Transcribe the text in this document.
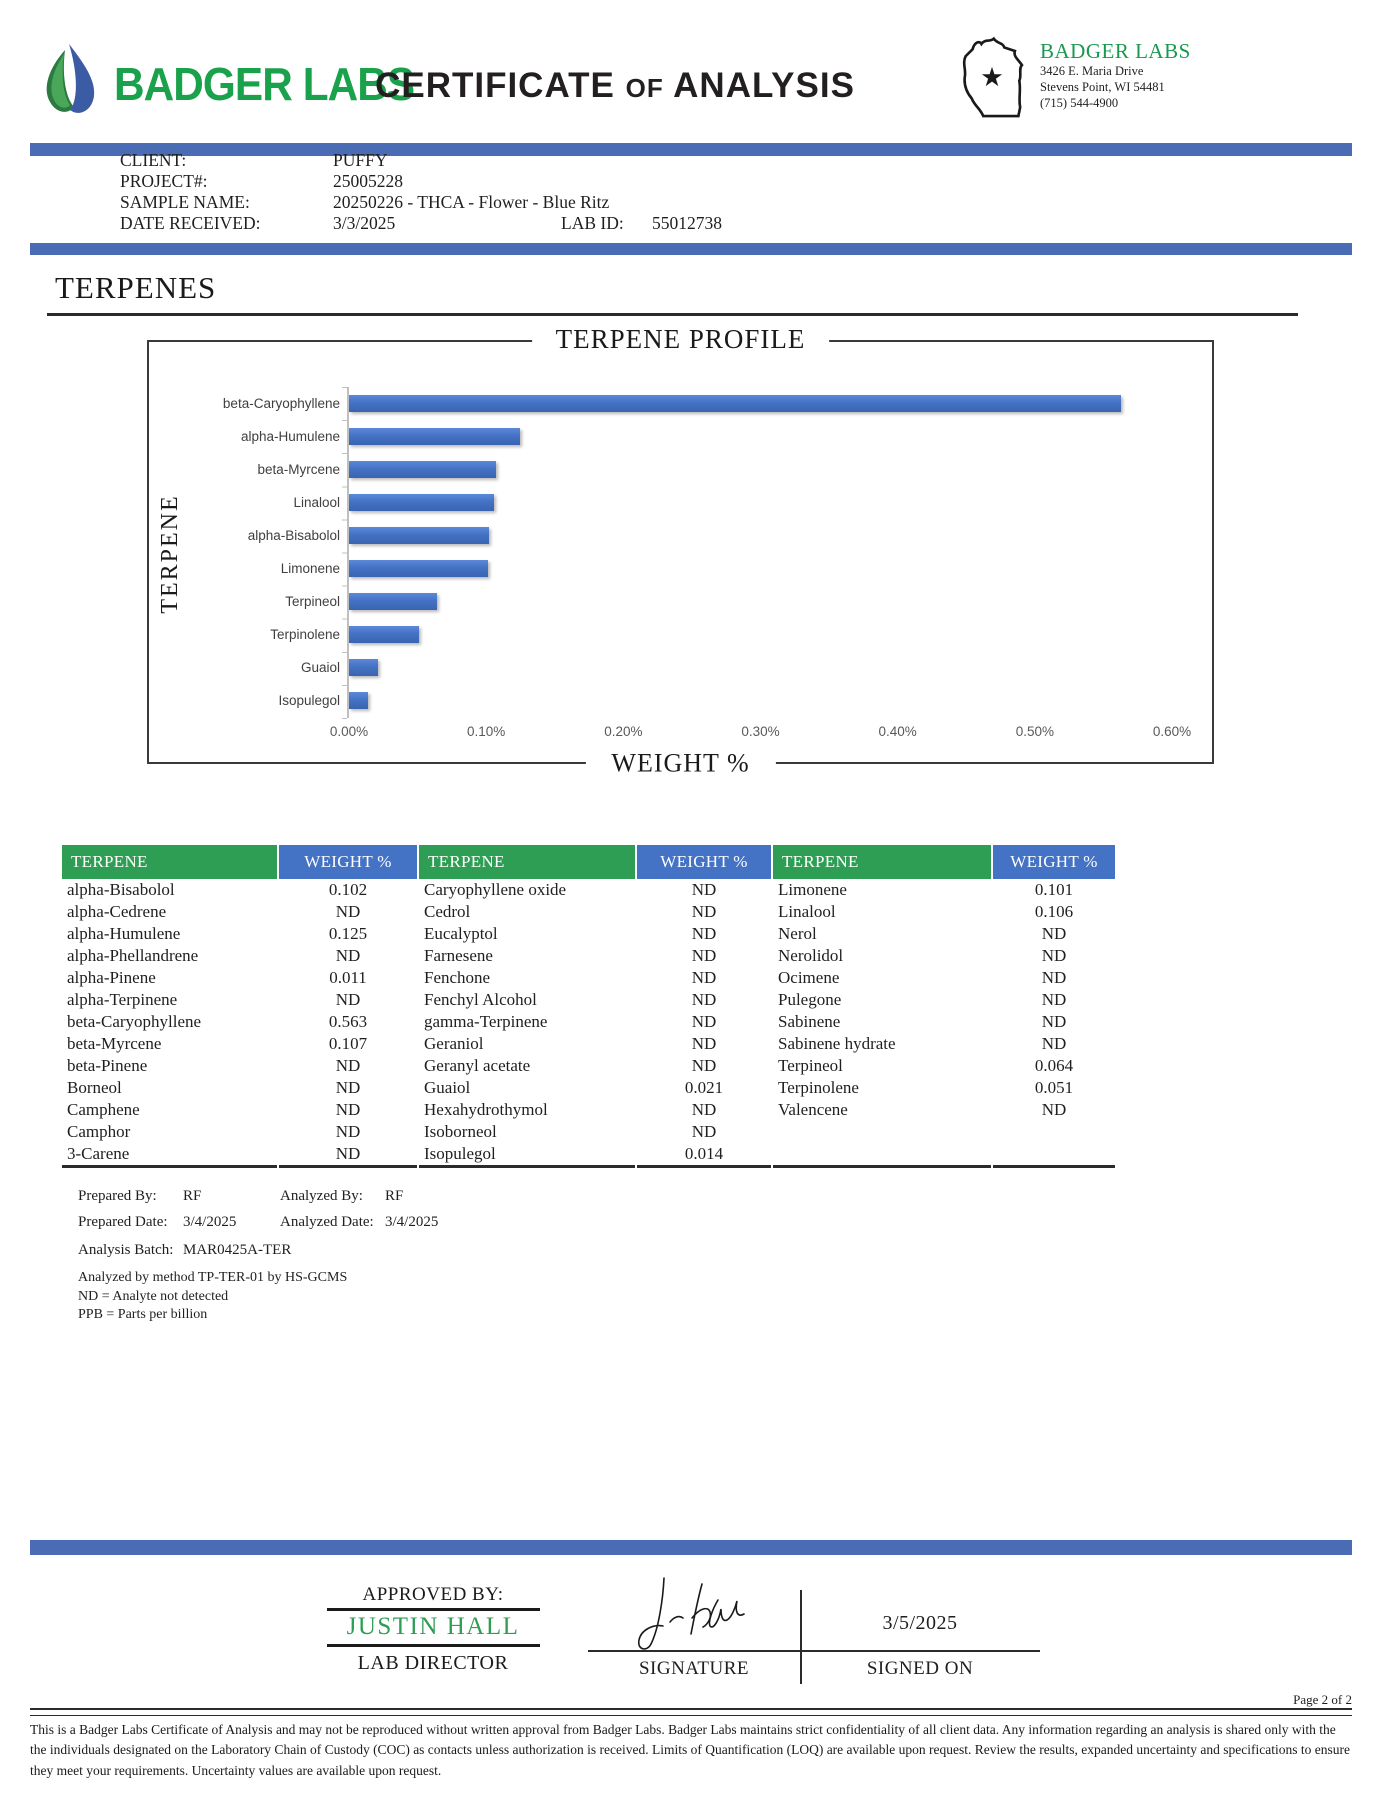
BADGER LABS
CERTIFICATE OF ANALYSIS	★
BADGER LABS
3426 E. Maria Drive
Stevens Point, WI 54481
(715) 544-4900
CLIENT:	PUFFY
PROJECT#:	25005228
SAMPLE NAME:	20250226 - THCA - Flower - Blue Ritz
DATE RECEIVED:	3/3/2025	LAB ID: 55012738
TERPENES
TERPENE PROFILE
TERPENE
beta-Caryophyllene
alpha-Humulene
beta-Myrcene
Linalool
alpha-Bisabolol
Limonene
Terpineol
Terpinolene
Guaiol
Isopulegol
0.00%	0.10%	0.20%	0.30%	0.40%	0.50%	0.60%
WEIGHT %
TERPENE	WEIGHT %	TERPENE	WEIGHT %	TERPENE	WEIGHT %
alpha-Bisabolol	0.102	Caryophyllene oxide	ND	Limonene	0.101
alpha-Cedrene	ND	Cedrol	ND	Linalool	0.106
alpha-Humulene	0.125	Eucalyptol	ND	Nerol	ND
alpha-Phellandrene	ND	Farnesene	ND	Nerolidol	ND
alpha-Pinene	0.011	Fenchone	ND	Ocimene	ND
alpha-Terpinene	ND	Fenchyl Alcohol	ND	Pulegone	ND
beta-Caryophyllene	0.563	gamma-Terpinene	ND	Sabinene	ND
beta-Myrcene	0.107	Geraniol	ND	Sabinene hydrate	ND
beta-Pinene	ND	Geranyl acetate	ND	Terpineol	0.064
Borneol	ND	Guaiol	0.021	Terpinolene	0.051
Camphene	ND	Hexahydrothymol	ND	Valencene	ND
Camphor	ND	Isoborneol	ND		
3-Carene	ND	Isopulegol	0.014		
Prepared By: RF	Analyzed By: RF
Prepared Date: 3/4/2025	Analyzed Date: 3/4/2025
Analysis Batch: MAR0425A-TER
Analyzed by method TP-TER-01 by HS-GCMS
ND = Analyte not detected
PPB = Parts per billion
APPROVED BY:
JUSTIN HALL
LAB DIRECTOR	SIGNATURE
3/5/2025
SIGNED ON
Page 2 of 2
This is a Badger Labs Certificate of Analysis and may not be reproduced without written approval from Badger Labs. Badger Labs maintains strict confidentiality of all client data. Any information regarding an analysis is shared only with the the individuals designated on the Laboratory Chain of Custody (COC) as contacts unless authorization is received. Limits of Quantification (LOQ) are available upon request. Review the results, expanded uncertainty and specifications to ensure they meet your requirements. Uncertainty values are available upon request.
